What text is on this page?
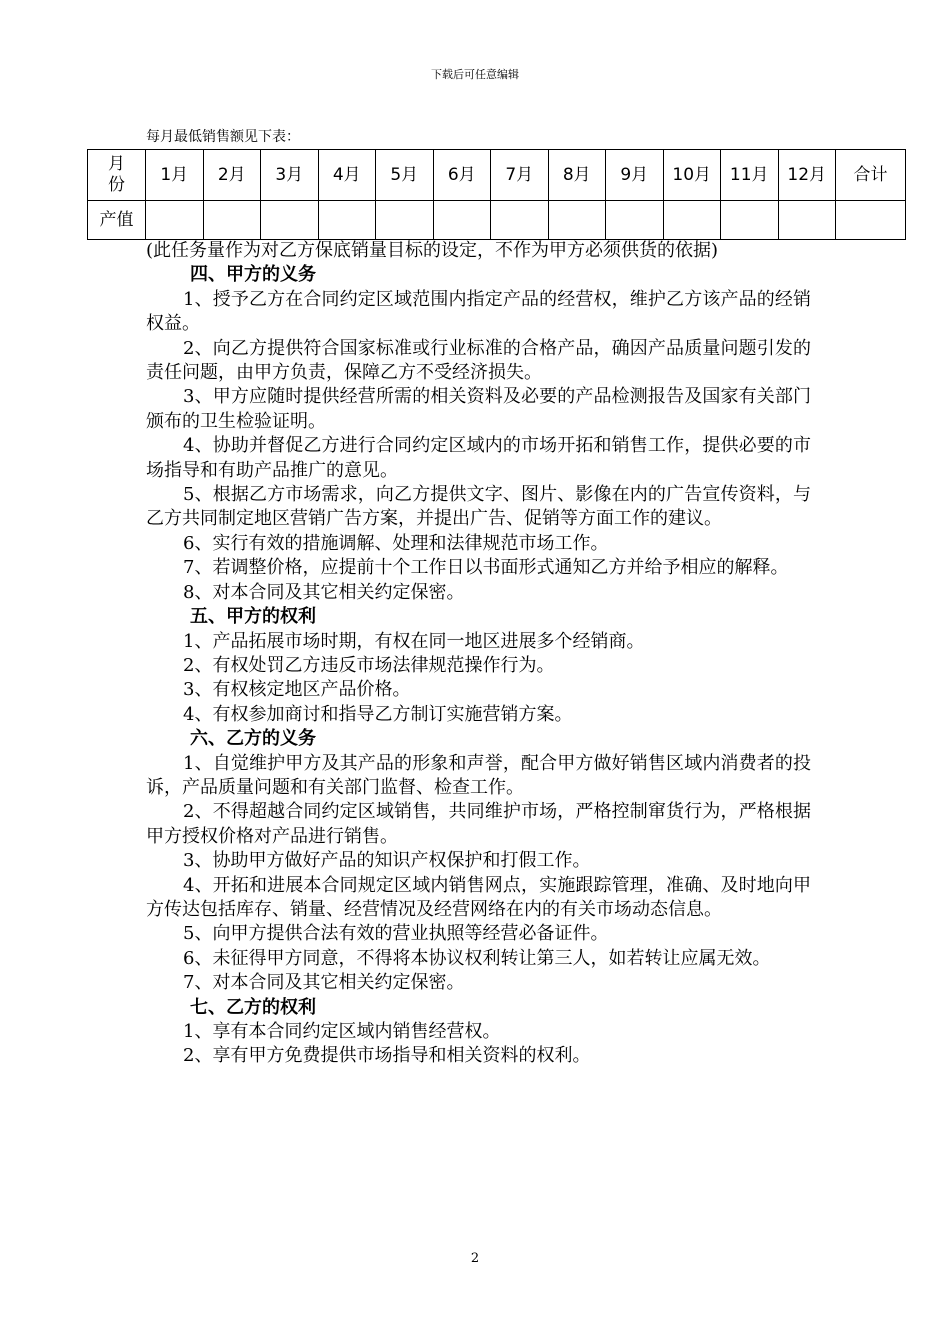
下载后可任意编辑
每月最低销售额见下表：
月份	1月	2月	3月	4月	5月	6月	7月	8月	9月	10月	11月	12月	合计
产值													

(此任务量作为对乙方保底销量目标的设定，不作为甲方必须供货的依据)

四、甲方的义务

1、授予乙方在合同约定区域范围内指定产品的经营权，维护乙方该产品的经销权益。

2、向乙方提供符合国家标准或行业标准的合格产品，确因产品质量问题引发的责任问题，由甲方负责，保障乙方不受经济损失。

3、甲方应随时提供经营所需的相关资料及必要的产品检测报告及国家有关部门颁布的卫生检验证明。

4、协助并督促乙方进行合同约定区域内的市场开拓和销售工作，提供必要的市场指导和有助产品推广的意见。

5、根据乙方市场需求，向乙方提供文字、图片、影像在内的广告宣传资料，与乙方共同制定地区营销广告方案，并提出广告、促销等方面工作的建议。

6、实行有效的措施调解、处理和法律规范市场工作。

7、若调整价格，应提前十个工作日以书面形式通知乙方并给予相应的解释。

8、对本合同及其它相关约定保密。

五、甲方的权利

1、产品拓展市场时期，有权在同一地区进展多个经销商。

2、有权处罚乙方违反市场法律规范操作行为。

3、有权核定地区产品价格。

4、有权参加商讨和指导乙方制订实施营销方案。

六、乙方的义务

1、自觉维护甲方及其产品的形象和声誉，配合甲方做好销售区域内消费者的投诉，产品质量问题和有关部门监督、检查工作。

2、不得超越合同约定区域销售，共同维护市场，严格控制窜货行为，严格根据甲方授权价格对产品进行销售。

3、协助甲方做好产品的知识产权保护和打假工作。

4、开拓和进展本合同规定区域内销售网点，实施跟踪管理，准确、及时地向甲方传达包括库存、销量、经营情况及经营网络在内的有关市场动态信息。

5、向甲方提供合法有效的营业执照等经营必备证件。

6、未征得甲方同意，不得将本协议权利转让第三人，如若转让应属无效。

7、对本合同及其它相关约定保密。

七、乙方的权利

1、享有本合同约定区域内销售经营权。

2、享有甲方免费提供市场指导和相关资料的权利。

2
